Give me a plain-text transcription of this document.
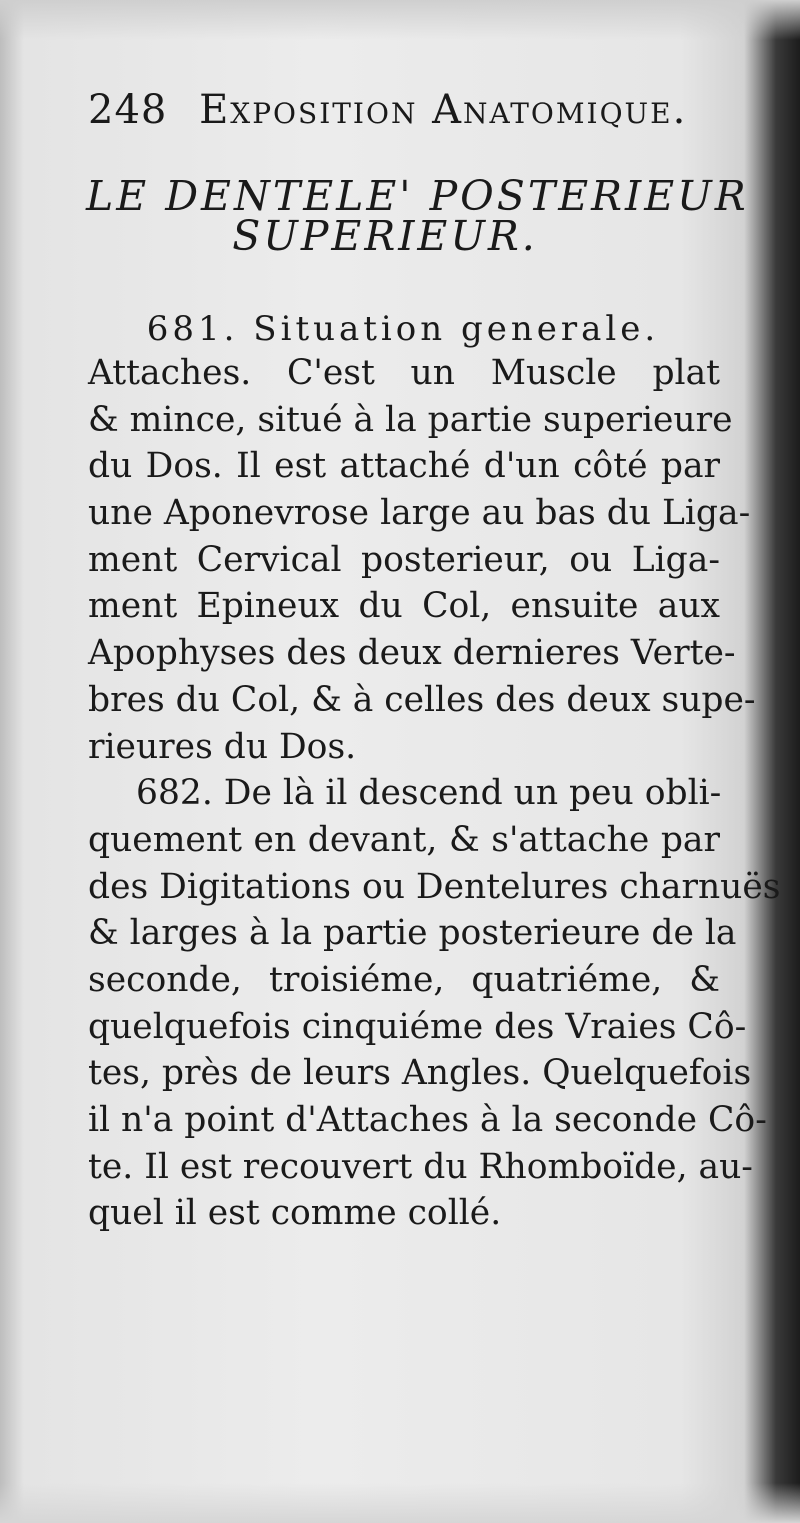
248 Exposition Anatomique.
LE DENTELE' POSTERIEUR
SUPERIEUR.
681. Situation generale.
Attaches. C'est un Muscle plat
& mince, situé à la partie superieure
du Dos. Il est attaché d'un côté par
une Aponevrose large au bas du Liga-
ment Cervical posterieur, ou Liga-
ment Epineux du Col, ensuite aux
Apophyses des deux dernieres Verte-
bres du Col, & à celles des deux supe-
rieures du Dos.
682. De là il descend un peu obli-
quement en devant, & s'attache par
des Digitations ou Dentelures charnuës
& larges à la partie posterieure de la
seconde, troisiéme, quatriéme, &
quelquefois cinquiéme des Vraies Cô-
tes, près de leurs Angles. Quelquefois
il n'a point d'Attaches à la seconde Cô-
te. Il est recouvert du Rhomboïde, au-
quel il est comme collé.
